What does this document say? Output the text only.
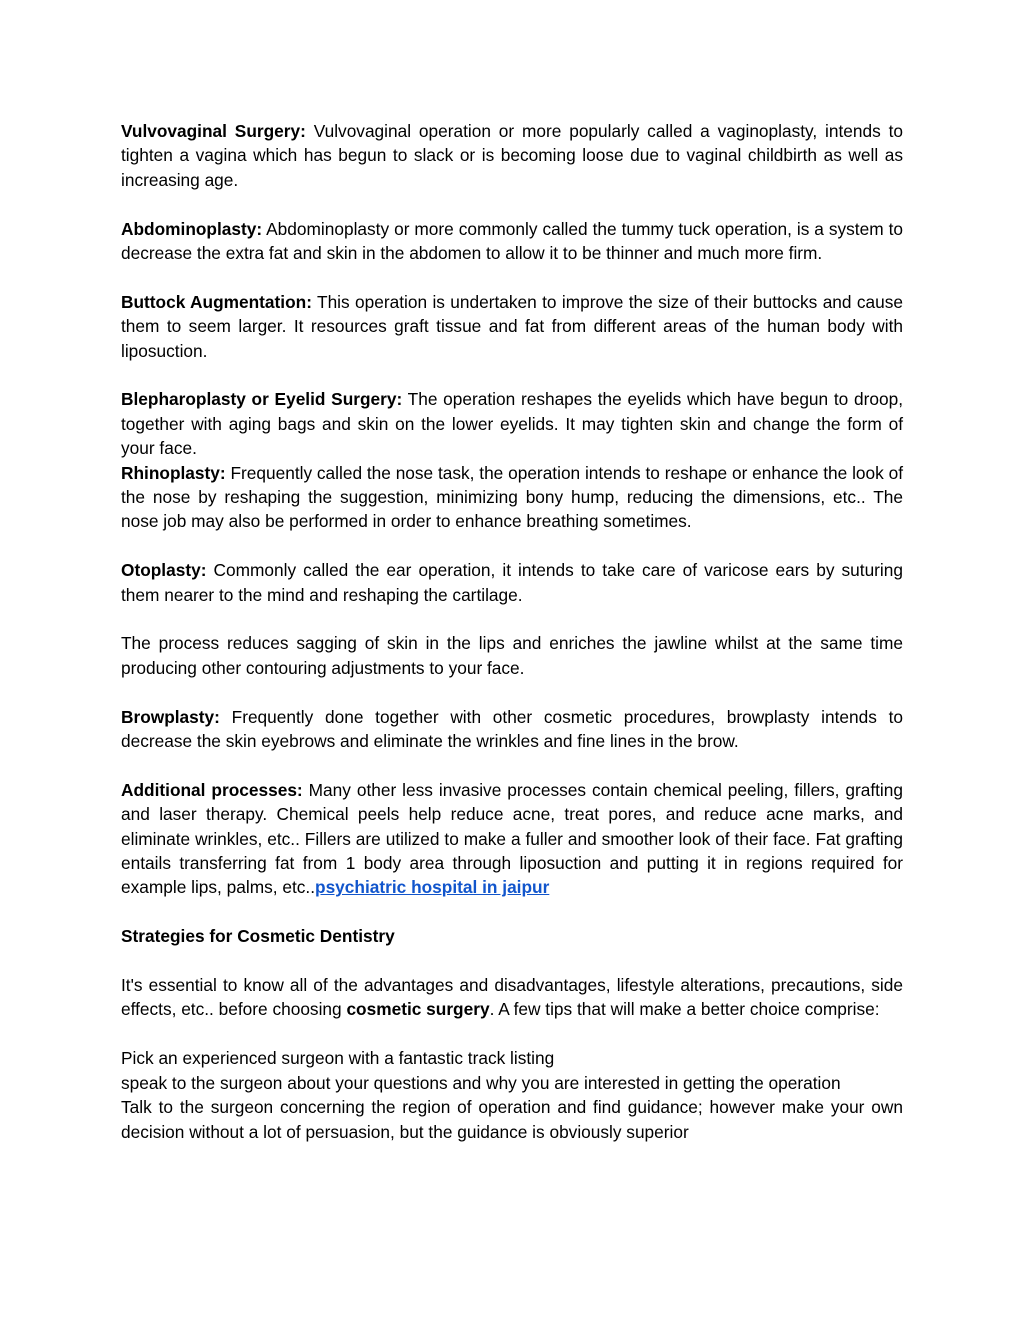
Vulvovaginal Surgery: Vulvovaginal operation or more popularly called a vaginoplasty, intends to tighten a vagina which has begun to slack or is becoming loose due to vaginal childbirth as well as increasing age.

Abdominoplasty: Abdominoplasty or more commonly called the tummy tuck operation, is a system to decrease the extra fat and skin in the abdomen to allow it to be thinner and much more firm.

Buttock Augmentation: This operation is undertaken to improve the size of their buttocks and cause them to seem larger. It resources graft tissue and fat from different areas of the human body with liposuction.

Blepharoplasty or Eyelid Surgery: The operation reshapes the eyelids which have begun to droop, together with aging bags and skin on the lower eyelids. It may tighten skin and change the form of your face.

Rhinoplasty: Frequently called the nose task, the operation intends to reshape or enhance the look of the nose by reshaping the suggestion, minimizing bony hump, reducing the dimensions, etc.. The nose job may also be performed in order to enhance breathing sometimes.

Otoplasty: Commonly called the ear operation, it intends to take care of varicose ears by suturing them nearer to the mind and reshaping the cartilage.

The process reduces sagging of skin in the lips and enriches the jawline whilst at the same time producing other contouring adjustments to your face.

Browplasty: Frequently done together with other cosmetic procedures, browplasty intends to decrease the skin eyebrows and eliminate the wrinkles and fine lines in the brow.

Additional processes: Many other less invasive processes contain chemical peeling, fillers, grafting and laser therapy. Chemical peels help reduce acne, treat pores, and reduce acne marks, and eliminate wrinkles, etc.. Fillers are utilized to make a fuller and smoother look of their face. Fat grafting entails transferring fat from 1 body area through liposuction and putting it in regions required for example lips, palms, etc..psychiatric hospital in jaipur

Strategies for Cosmetic Dentistry

It's essential to know all of the advantages and disadvantages, lifestyle alterations, precautions, side effects, etc.. before choosing cosmetic surgery. A few tips that will make a better choice comprise:

Pick an experienced surgeon with a fantastic track listing

speak to the surgeon about your questions and why you are interested in getting the operation

Talk to the surgeon concerning the region of operation and find guidance; however make your own decision without a lot of persuasion, but the guidance is obviously superior
